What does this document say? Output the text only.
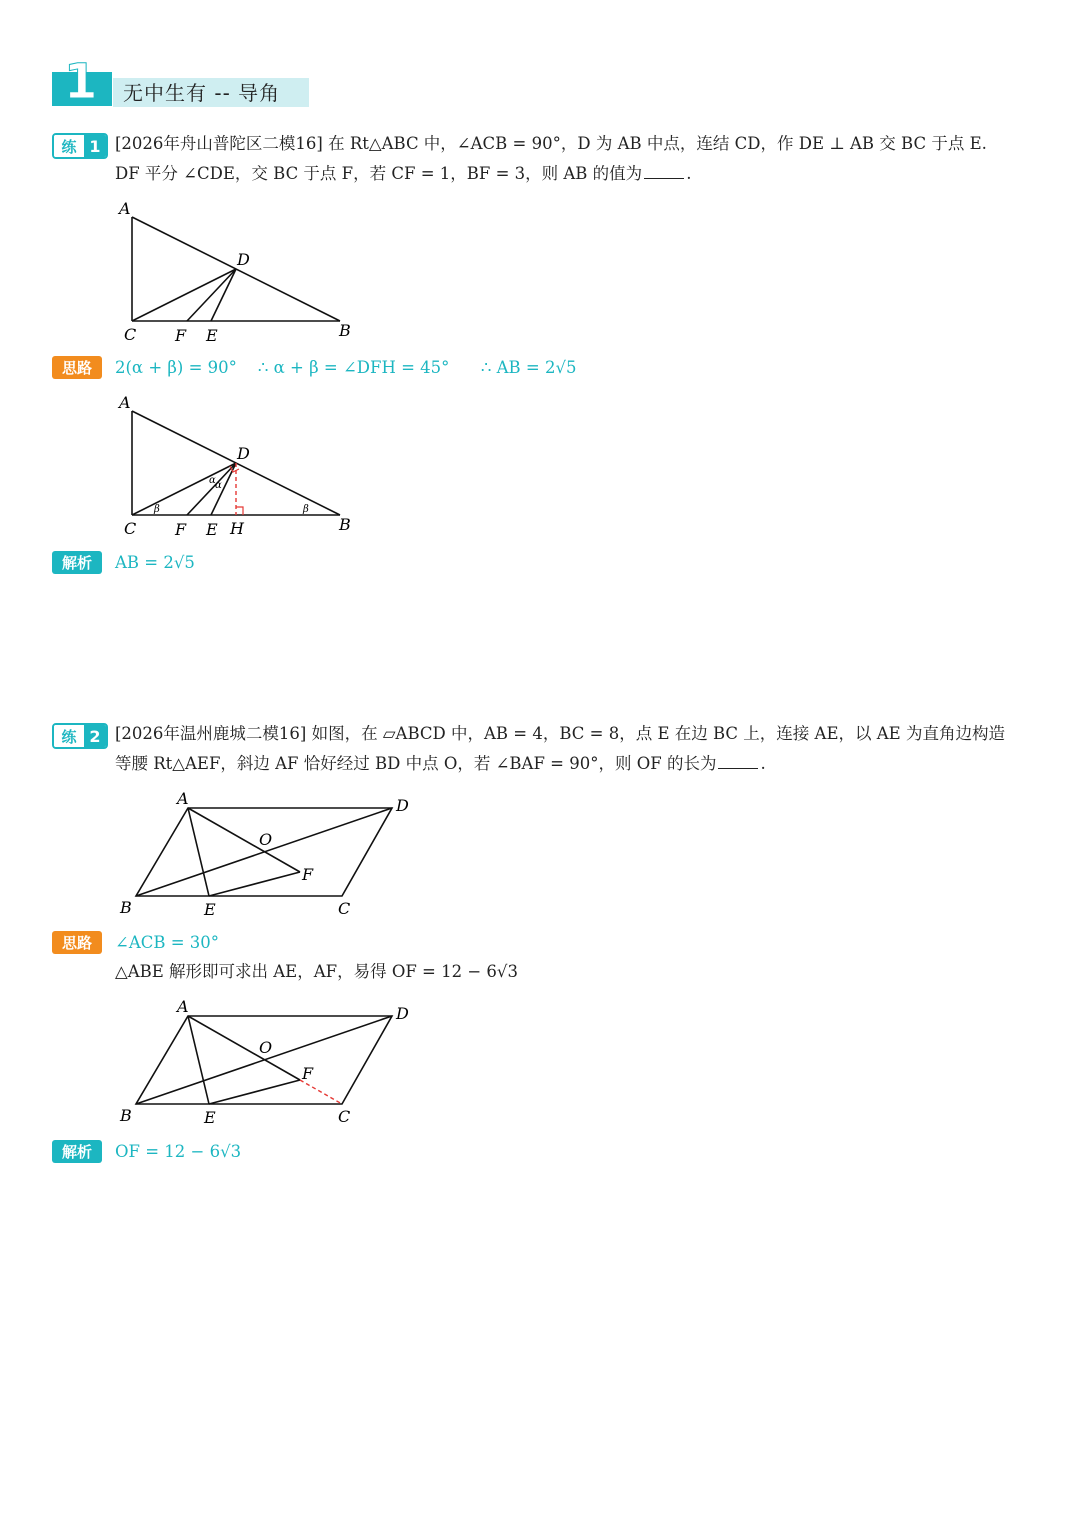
1 无中生有 -- 导角
练 1 [2026年舟山普陀区二模16] 在 Rt△ABC 中，∠ACB = 90°，D 为 AB 中点，连结 CD，作 DE ⊥ AB 交 BC 于点 E.
DF 平分 ∠CDE，交 BC 于点 F，若 CF = 1，BF = 3，则 AB 的值为	.
A
D
C F E	B
思路	2(α + β) = 90°    ∴ α + β = ∠DFH = 45°      ∴ AB = 2√5
A
D
C F E H	B
α α
β	β
解析	AB = 2√5
练 2 [2026年温州鹿城二模16] 如图，在 ▱ABCD 中，AB = 4，BC = 8，点 E 在边 BC 上，连接 AE，以 AE 为直角边构造
等腰 Rt△AEF，斜边 AF 恰好经过 BD 中点 O，若 ∠BAF = 90°，则 OF 的长为	.
A	D
O
F
B	E	C
思路	∠ACB = 30°
△ABE 解形即可求出 AE，AF，易得 OF = 12 − 6√3
A	D
O
F
B	E	C
解析	OF = 12 − 6√3
